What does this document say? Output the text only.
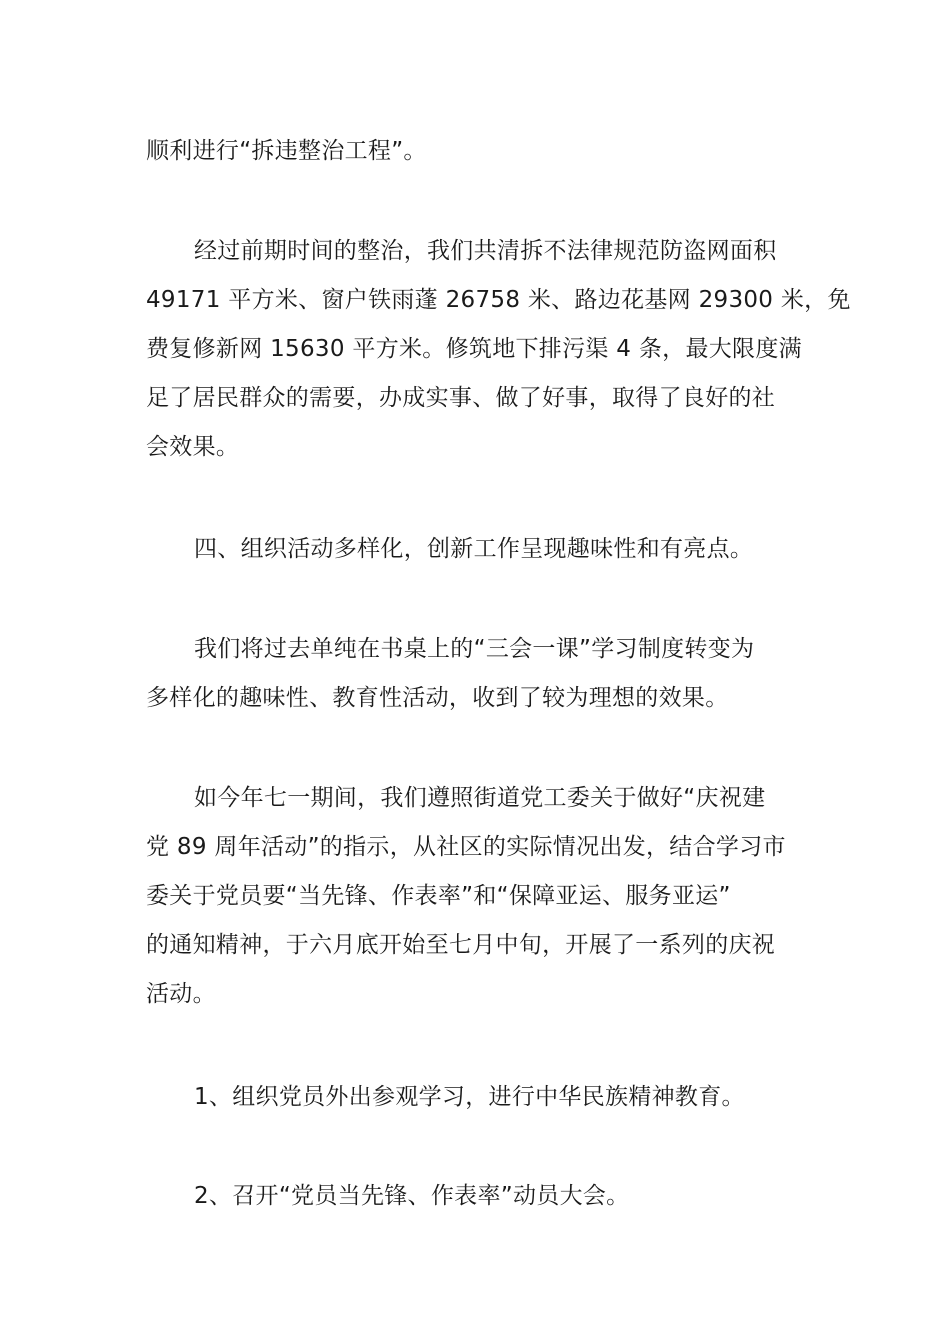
顺利进行“拆违整治工程”。

经过前期时间的整治，我们共清拆不法律规范防盗网面积
49171 平方米、窗户铁雨蓬 26758 米、路边花基网 29300 米，免
费复修新网 15630 平方米。修筑地下排污渠 4 条，最大限度满
足了居民群众的需要，办成实事、做了好事，取得了良好的社
会效果。

四、组织活动多样化，创新工作呈现趣味性和有亮点。

我们将过去单纯在书桌上的“三会一课”学习制度转变为
多样化的趣味性、教育性活动，收到了较为理想的效果。

如今年七一期间，我们遵照街道党工委关于做好“庆祝建
党 89 周年活动”的指示，从社区的实际情况出发，结合学习市
委关于党员要“当先锋、作表率”和“保障亚运、服务亚运”
的通知精神，于六月底开始至七月中旬，开展了一系列的庆祝
活动。

1、组织党员外出参观学习，进行中华民族精神教育。

2、召开“党员当先锋、作表率”动员大会。
